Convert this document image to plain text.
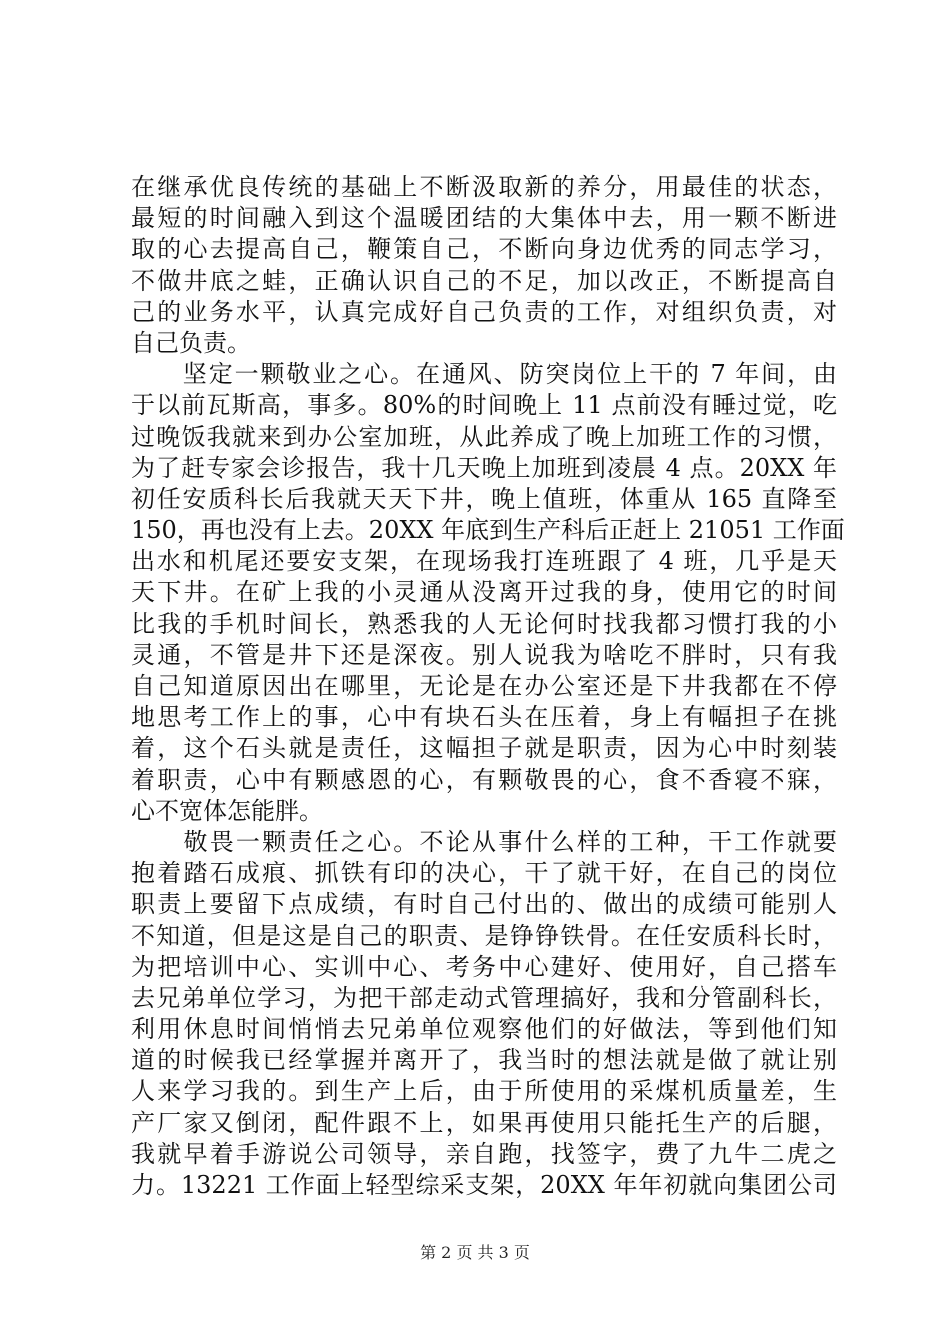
在继承优良传统的基础上不断汲取新的养分，用最佳的状态，
最短的时间融入到这个温暖团结的大集体中去，用一颗不断进
取的心去提高自己，鞭策自己，不断向身边优秀的同志学习，
不做井底之蛙，正确认识自己的不足，加以改正，不断提高自
己的业务水平，认真完成好自己负责的工作，对组织负责，对
自己负责。
　　坚定一颗敬业之心。在通风、防突岗位上干的 7 年间，由
于以前瓦斯高，事多。80%的时间晚上 11 点前没有睡过觉，吃
过晚饭我就来到办公室加班，从此养成了晚上加班工作的习惯，
为了赶专家会诊报告，我十几天晚上加班到凌晨 4 点。20XX 年
初任安质科长后我就天天下井，晚上值班，体重从 165 直降至
150，再也没有上去。20XX 年底到生产科后正赶上 21051 工作面
出水和机尾还要安支架，在现场我打连班跟了 4 班，几乎是天
天下井。在矿上我的小灵通从没离开过我的身，使用它的时间
比我的手机时间长，熟悉我的人无论何时找我都习惯打我的小
灵通，不管是井下还是深夜。别人说我为啥吃不胖时，只有我
自己知道原因出在哪里，无论是在办公室还是下井我都在不停
地思考工作上的事，心中有块石头在压着，身上有幅担子在挑
着，这个石头就是责任，这幅担子就是职责，因为心中时刻装
着职责，心中有颗感恩的心，有颗敬畏的心，食不香寝不寐，
心不宽体怎能胖。
　　敬畏一颗责任之心。不论从事什么样的工种，干工作就要
抱着踏石成痕、抓铁有印的决心，干了就干好，在自己的岗位
职责上要留下点成绩，有时自己付出的、做出的成绩可能别人
不知道，但是这是自己的职责、是铮铮铁骨。在任安质科长时，
为把培训中心、实训中心、考务中心建好、使用好，自己搭车
去兄弟单位学习，为把干部走动式管理搞好，我和分管副科长，
利用休息时间悄悄去兄弟单位观察他们的好做法，等到他们知
道的时候我已经掌握并离开了，我当时的想法就是做了就让别
人来学习我的。到生产上后，由于所使用的采煤机质量差，生
产厂家又倒闭，配件跟不上，如果再使用只能托生产的后腿，
我就早着手游说公司领导，亲自跑，找签字，费了九牛二虎之
力。13221 工作面上轻型综采支架，20XX 年年初就向集团公司
第 2 页 共 3 页
